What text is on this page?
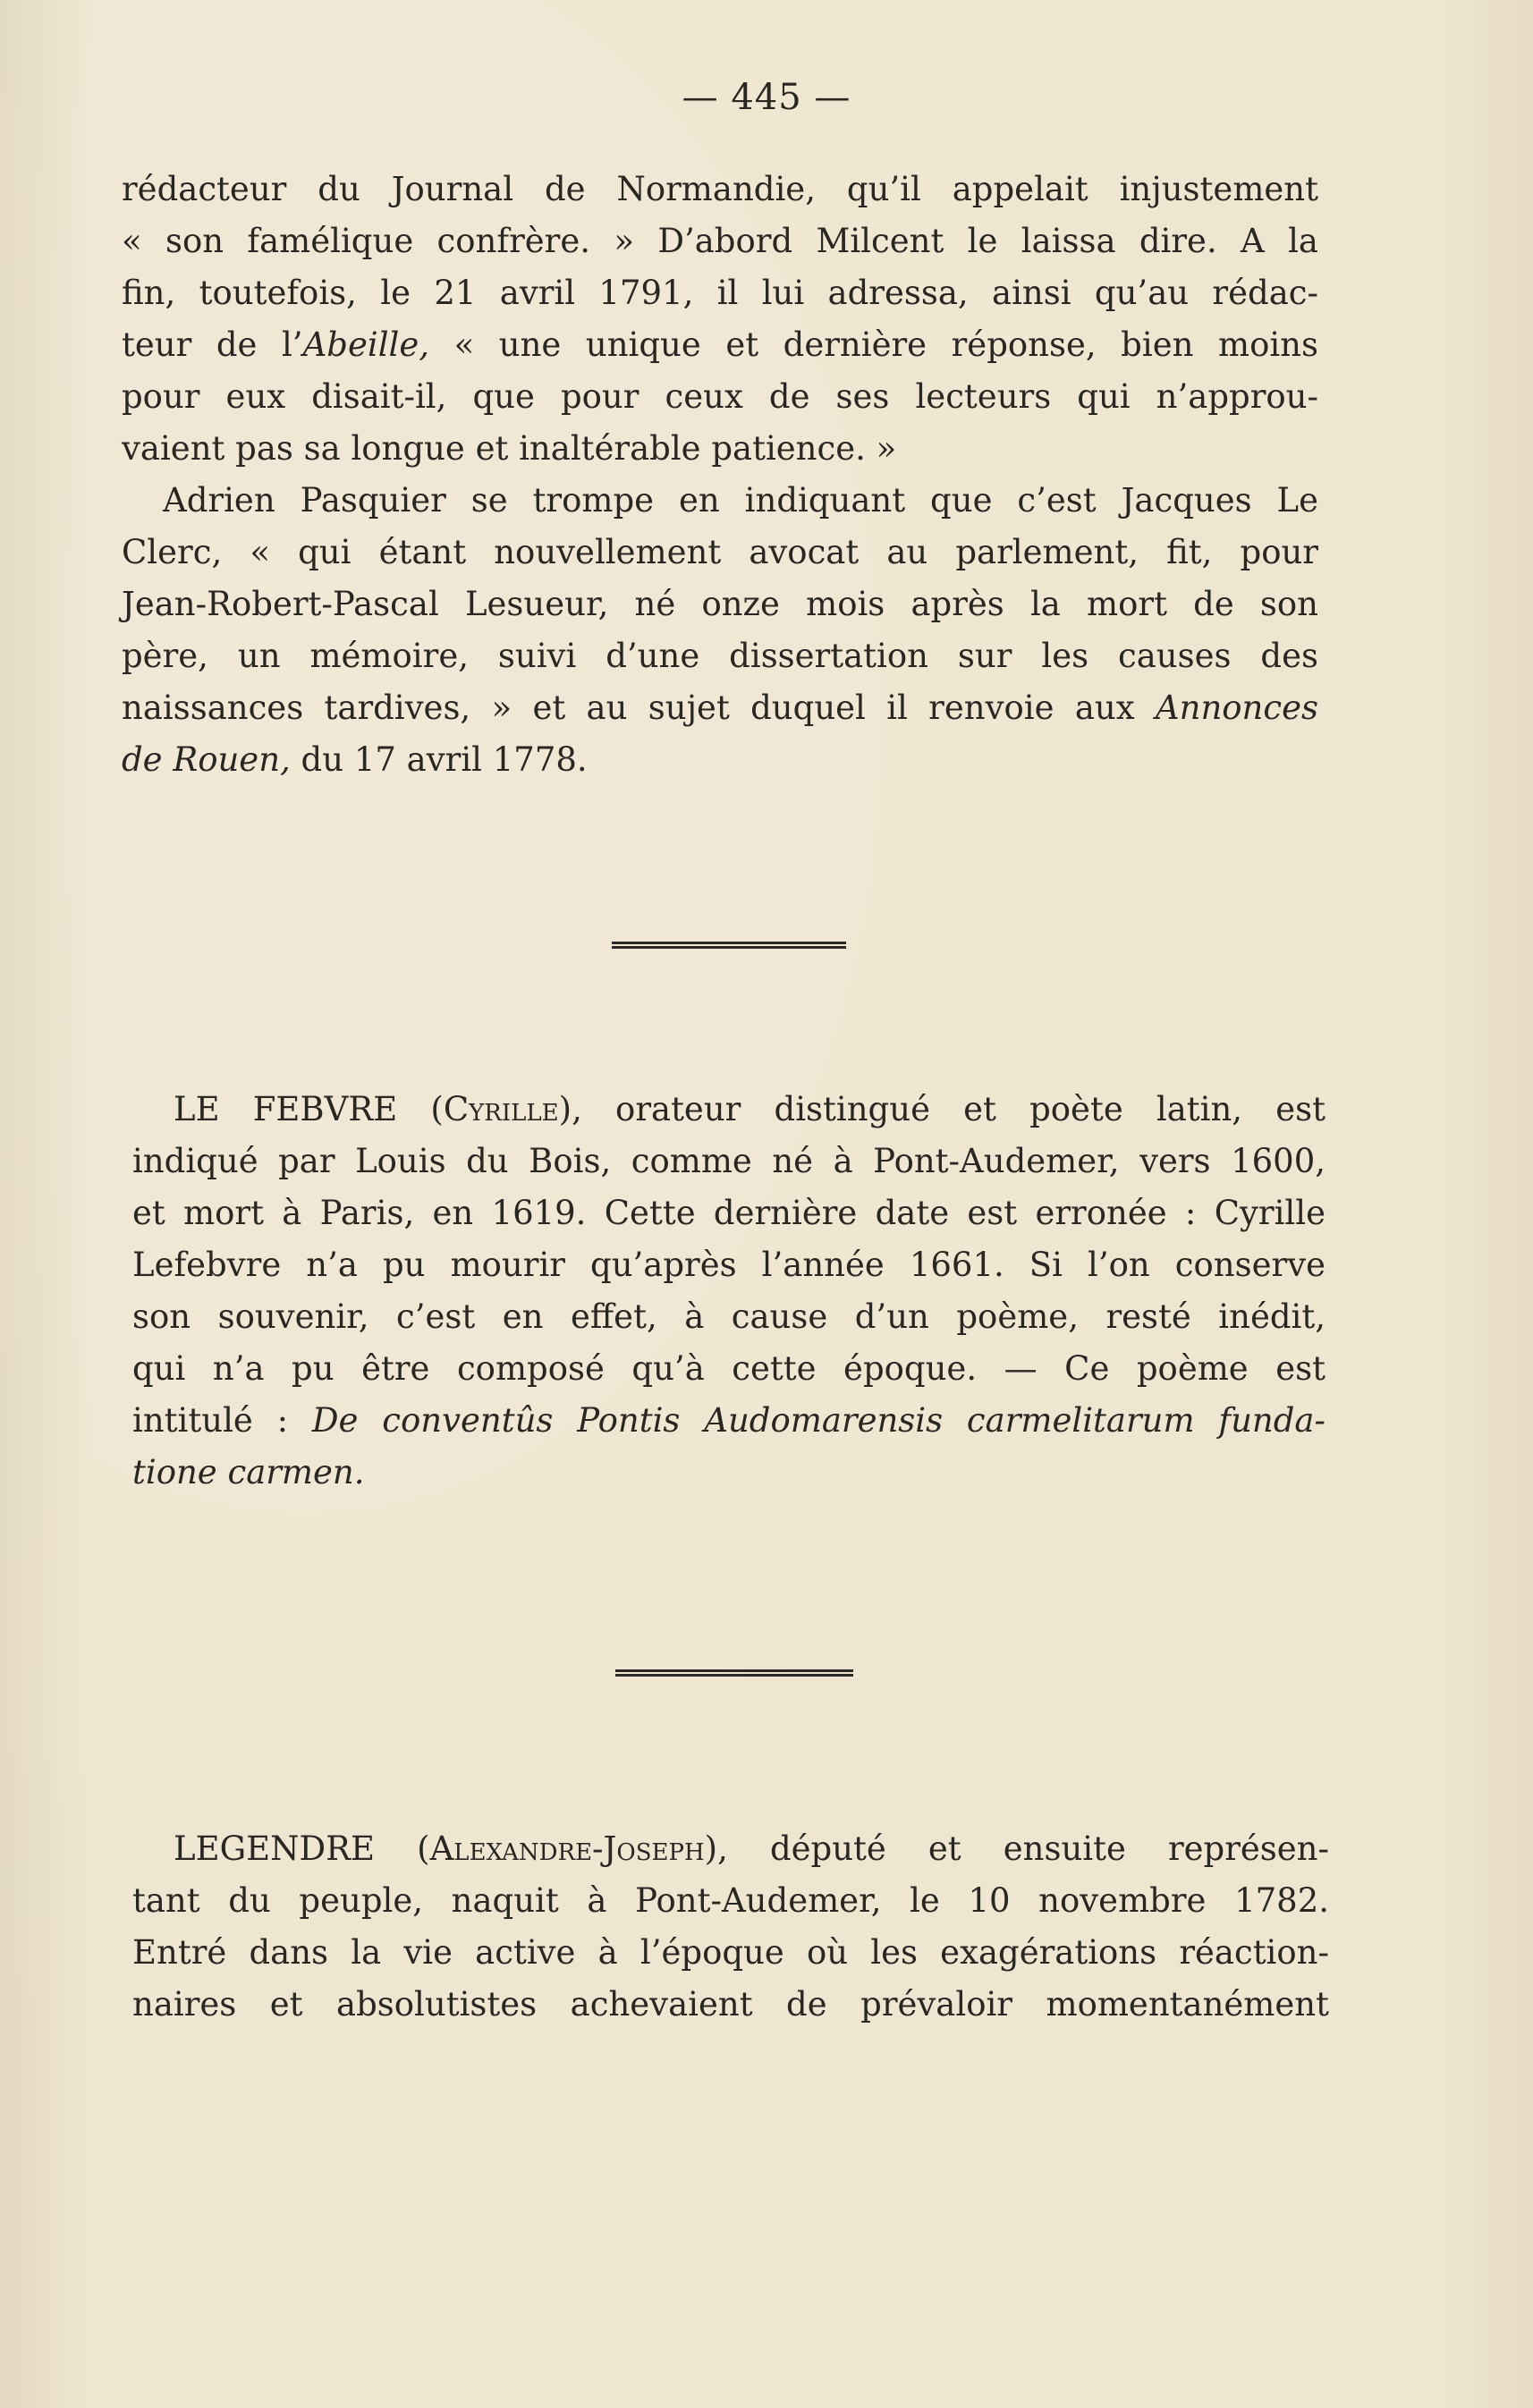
— 445 —

rédacteur du Journal de Normandie, qu’il appelait injustement
« son famélique confrère. » D’abord Milcent le laissa dire. A la
fin, toutefois, le 21 avril 1791, il lui adressa, ainsi qu’au rédac-
teur de l’Abeille, « une unique et dernière réponse, bien moins
pour eux disait-il, que pour ceux de ses lecteurs qui n’approu-
vaient pas sa longue et inaltérable patience. »

Adrien Pasquier se trompe en indiquant que c’est Jacques Le
Clerc, « qui étant nouvellement avocat au parlement, fit, pour
Jean-Robert-Pascal Lesueur, né onze mois après la mort de son
père, un mémoire, suivi d’une dissertation sur les causes des
naissances tardives, » et au sujet duquel il renvoie aux Annonces
de Rouen, du 17 avril 1778.

LE FEBVRE (Cyrille), orateur distingué et poète latin, est
indiqué par Louis du Bois, comme né à Pont-Audemer, vers 1600,
et mort à Paris, en 1619. Cette dernière date est erronée : Cyrille
Lefebvre n’a pu mourir qu’après l’année 1661. Si l’on conserve
son souvenir, c’est en effet, à cause d’un poème, resté inédit,
qui n’a pu être composé qu’à cette époque. — Ce poème est
intitulé : De conventûs Pontis Audomarensis carmelitarum funda-
tione carmen.

LEGENDRE (Alexandre-Joseph), député et ensuite représen-
tant du peuple, naquit à Pont-Audemer, le 10 novembre 1782.
Entré dans la vie active à l’époque où les exagérations réaction-
naires et absolutistes achevaient de prévaloir momentanément
